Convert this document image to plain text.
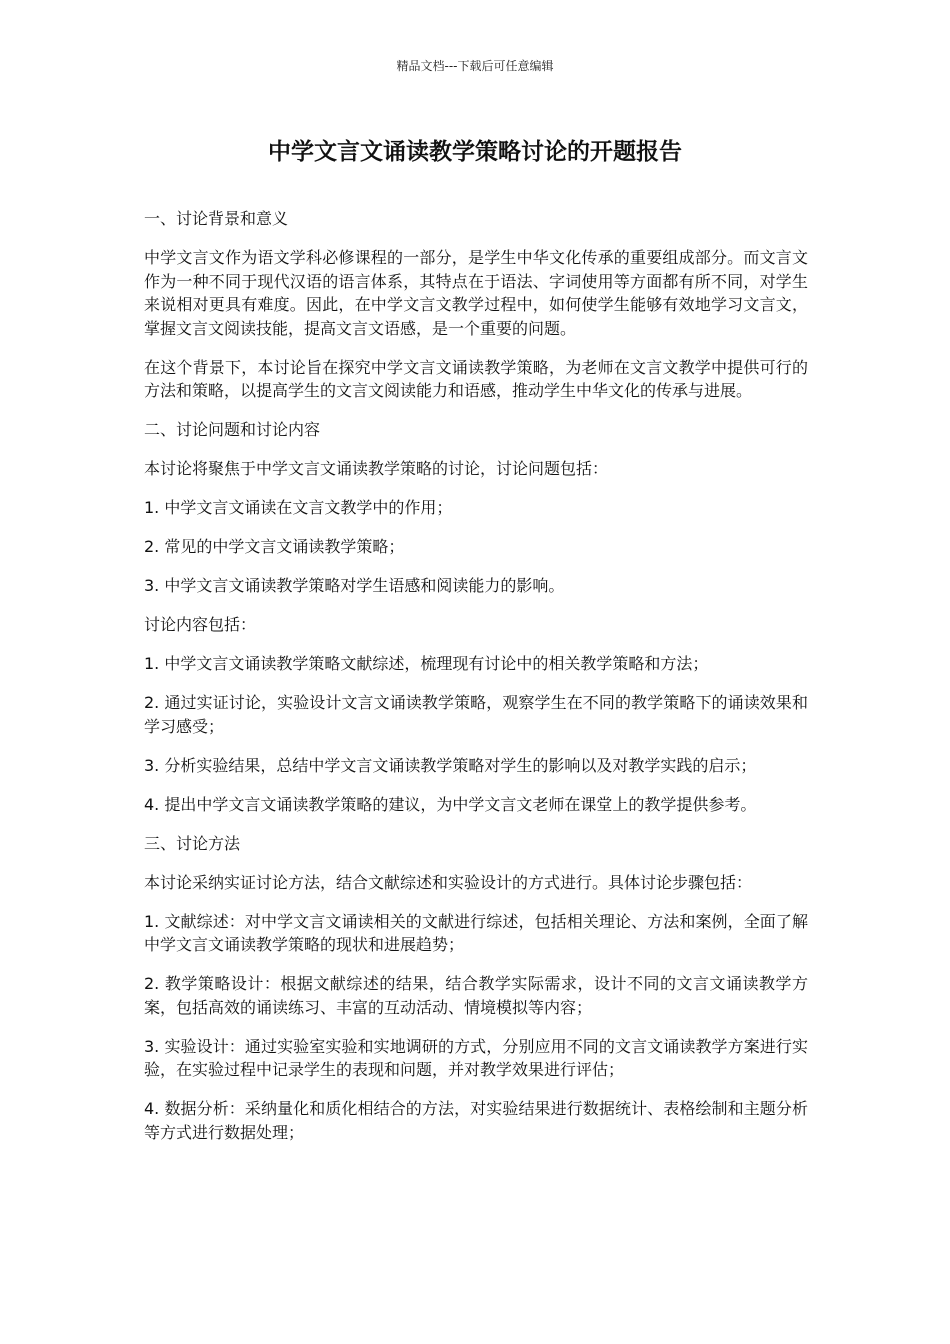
精品文档---下载后可任意编辑
中学文言文诵读教学策略讨论的开题报告

一、讨论背景和意义

中学文言文作为语文学科必修课程的一部分，是学生中华文化传承的重要组成部分。而文言文作为一种不同于现代汉语的语言体系，其特点在于语法、字词使用等方面都有所不同，对学生来说相对更具有难度。因此，在中学文言文教学过程中，如何使学生能够有效地学习文言文，掌握文言文阅读技能，提高文言文语感，是一个重要的问题。

在这个背景下，本讨论旨在探究中学文言文诵读教学策略，为老师在文言文教学中提供可行的方法和策略，以提高学生的文言文阅读能力和语感，推动学生中华文化的传承与进展。

二、讨论问题和讨论内容

本讨论将聚焦于中学文言文诵读教学策略的讨论，讨论问题包括：

1. 中学文言文诵读在文言文教学中的作用；

2. 常见的中学文言文诵读教学策略；

3. 中学文言文诵读教学策略对学生语感和阅读能力的影响。

讨论内容包括：

1. 中学文言文诵读教学策略文献综述，梳理现有讨论中的相关教学策略和方法；

2. 通过实证讨论，实验设计文言文诵读教学策略，观察学生在不同的教学策略下的诵读效果和学习感受；

3. 分析实验结果，总结中学文言文诵读教学策略对学生的影响以及对教学实践的启示；

4. 提出中学文言文诵读教学策略的建议，为中学文言文老师在课堂上的教学提供参考。

三、讨论方法

本讨论采纳实证讨论方法，结合文献综述和实验设计的方式进行。具体讨论步骤包括：

1. 文献综述：对中学文言文诵读相关的文献进行综述，包括相关理论、方法和案例，全面了解中学文言文诵读教学策略的现状和进展趋势；

2. 教学策略设计：根据文献综述的结果，结合教学实际需求，设计不同的文言文诵读教学方案，包括高效的诵读练习、丰富的互动活动、情境模拟等内容；

3. 实验设计：通过实验室实验和实地调研的方式，分别应用不同的文言文诵读教学方案进行实验，在实验过程中记录学生的表现和问题，并对教学效果进行评估；

4. 数据分析：采纳量化和质化相结合的方法，对实验结果进行数据统计、表格绘制和主题分析等方式进行数据处理；
